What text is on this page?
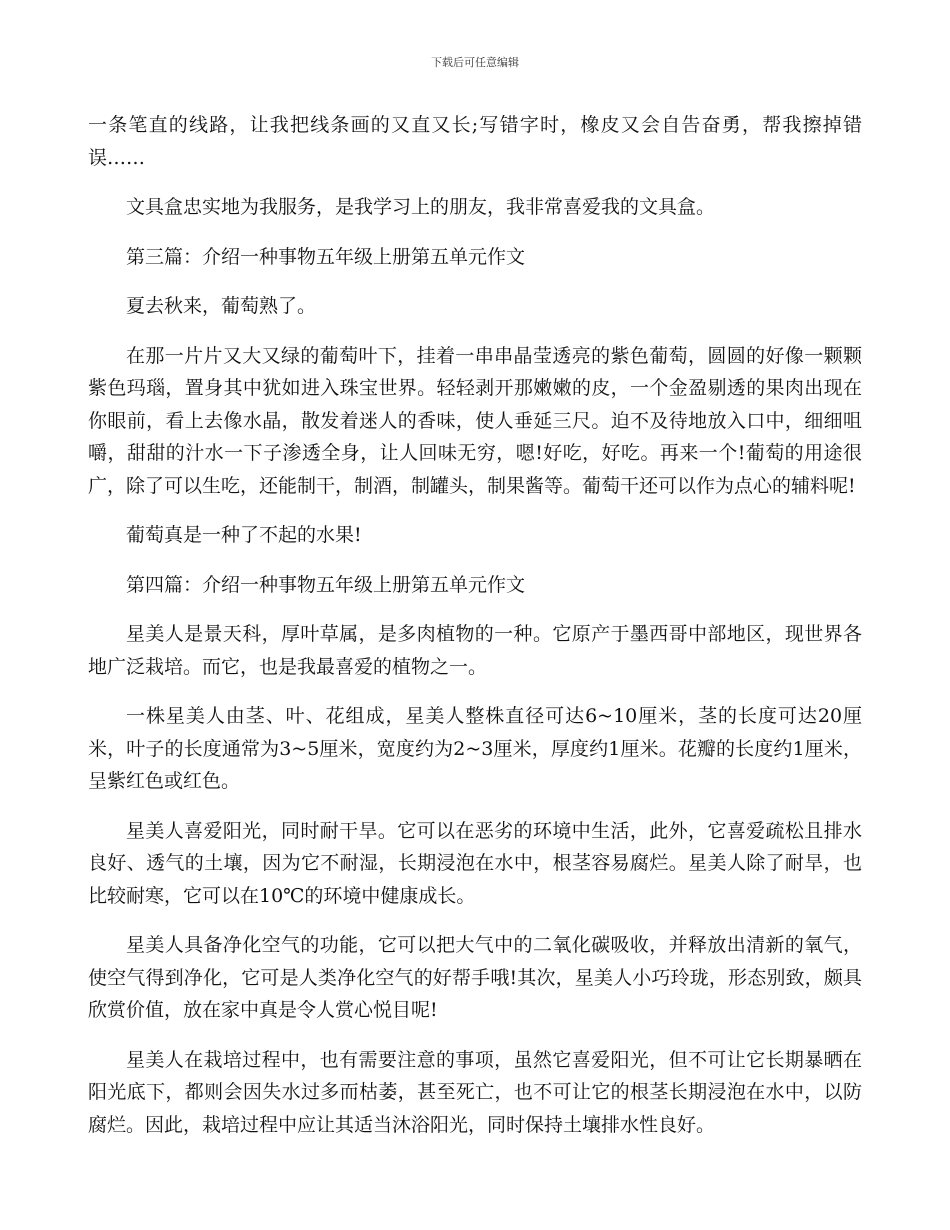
下载后可任意编辑

一条笔直的线路，让我把线条画的又直又长;写错字时，橡皮又会自告奋勇，帮我擦掉错误……

文具盒忠实地为我服务，是我学习上的朋友，我非常喜爱我的文具盒。

第三篇：介绍一种事物五年级上册第五单元作文

夏去秋来，葡萄熟了。

在那一片片又大又绿的葡萄叶下，挂着一串串晶莹透亮的紫色葡萄，圆圆的好像一颗颗紫色玛瑙，置身其中犹如进入珠宝世界。轻轻剥开那嫩嫩的皮，一个金盈剔透的果肉出现在你眼前，看上去像水晶，散发着迷人的香味，使人垂延三尺。迫不及待地放入口中，细细咀嚼，甜甜的汁水一下子渗透全身，让人回味无穷，嗯!好吃，好吃。再来一个!葡萄的用途很广，除了可以生吃，还能制干，制酒，制罐头，制果酱等。葡萄干还可以作为点心的辅料呢!

葡萄真是一种了不起的水果!

第四篇：介绍一种事物五年级上册第五单元作文

星美人是景天科，厚叶草属，是多肉植物的一种。它原产于墨西哥中部地区，现世界各地广泛栽培。而它，也是我最喜爱的植物之一。

一株星美人由茎、叶、花组成，星美人整株直径可达6~10厘米，茎的长度可达20厘米，叶子的长度通常为3~5厘米，宽度约为2~3厘米，厚度约1厘米。花瓣的长度约1厘米，呈紫红色或红色。

星美人喜爱阳光，同时耐干旱。它可以在恶劣的环境中生活，此外，它喜爱疏松且排水良好、透气的土壤，因为它不耐湿，长期浸泡在水中，根茎容易腐烂。星美人除了耐旱，也比较耐寒，它可以在10℃的环境中健康成长。

星美人具备净化空气的功能，它可以把大气中的二氧化碳吸收，并释放出清新的氧气，使空气得到净化，它可是人类净化空气的好帮手哦!其次，星美人小巧玲珑，形态别致，颇具欣赏价值，放在家中真是令人赏心悦目呢!

星美人在栽培过程中，也有需要注意的事项，虽然它喜爱阳光，但不可让它长期暴晒在阳光底下，都则会因失水过多而枯萎，甚至死亡，也不可让它的根茎长期浸泡在水中，以防腐烂。因此，栽培过程中应让其适当沐浴阳光，同时保持土壤排水性良好。
